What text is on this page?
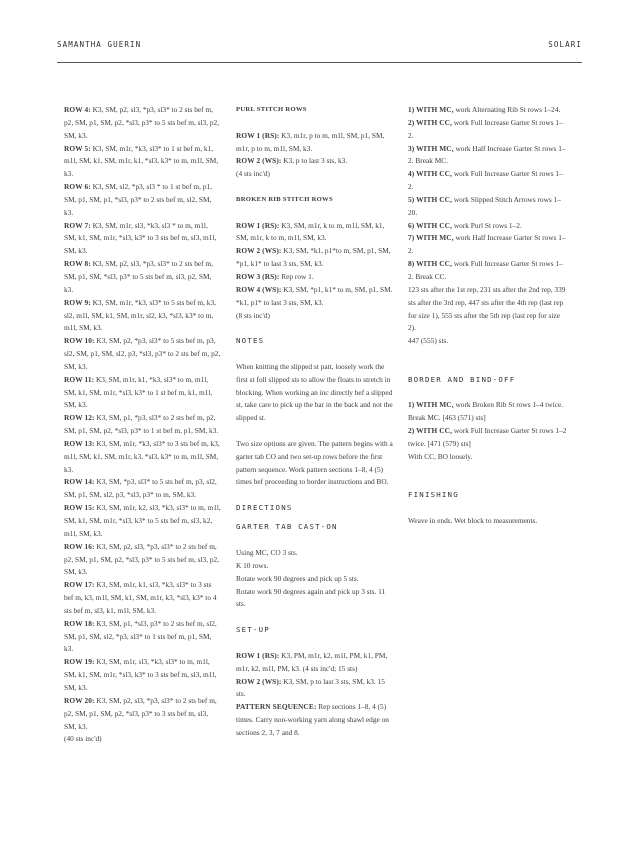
SAMANTHA GUERIN	SOLARI

ROW 4: K3, SM, p2, sl3, *p3, sl3* to 2 sts bef m, p2, SM, p1, SM, p2, *sl3, p3* to 5 sts bef m, sl3, p2, SM, k3.

ROW 5: K3, SM, m1r, *k3, sl3* to 1 st bef m, k1, m1l, SM, k1, SM, m1r, k1, *sl3, k3* to m, m1l, SM, k3.

ROW 6: K3, SM, sl2, *p3, sl3 * to 1 st bef m, p1, SM, p1, SM, p1, *sl3, p3* to 2 sts bef m, sl2, SM, k3.

ROW 7: K3, SM, m1r, sl3, *k3, sl3 * to m, m1l, SM, k1, SM, m1r, *sl3, k3* to 3 sts bef m, sl3, m1l, SM, k3.

ROW 8: K3, SM, p2, sl3, *p3, sl3* to 2 sts bef m, SM, p1, SM, *sl3, p3* to 5 sts bef m, sl3, p2, SM, k3.

ROW 9: K3, SM, m1r, *k3, sl3* to 5 sts bef m, k3, sl2, m1l, SM, k1, SM, m1r, sl2, k3, *sl3, k3* to m, m1l, SM, k3.

ROW 10: K3, SM, p2, *p3, sl3* to 5 sts bef m, p3, sl2, SM, p1, SM, sl2, p3, *sl3, p3* to 2 sts bef m, p2, SM, k3.

ROW 11: K3, SM, m1r, k1, *k3, sl3* to m, m1l, SM, k1, SM, m1r, *sl3, k3* to 1 st bef m, k1, m1l, SM, k3.

ROW 12: K3, SM, p1, *p3, sl3* to 2 sts bef m, p2, SM, p1, SM, p2, *sl3, p3* to 1 st bef m, p1, SM, k3.

ROW 13: K3, SM, m1r, *k3, sl3* to 3 sts bef m, k3, m1l, SM, k1, SM, m1r, k3, *sl3, k3* to m, m1l, SM, k3.

ROW 14: K3, SM, *p3, sl3* to 5 sts bef m, p3, sl2, SM, p1, SM, sl2, p3, *sl3, p3* to m, SM, k3.

ROW 15: K3, SM, m1r, k2, sl3, *k3, sl3* to m, m1l, SM, k1, SM, m1r, *sl3, k3* to 5 sts bef m, sl3, k2, m1l, SM, k3.

ROW 16: K3, SM, p2, sl3, *p3, sl3* to 2 sts bef m, p2, SM, p1, SM, p2, *sl3, p3* to 5 sts bef m, sl3, p2, SM, k3.

ROW 17: K3, SM, m1r, k1, sl3, *k3, sl3* to 3 sts bef m, k3, m1l, SM, k1, SM, m1r, k3, *sl3, k3* to 4 sts bef m, sl3, k1, m1l, SM, k3.

ROW 18: K3, SM, p1, *sl3, p3* to 2 sts bef m, sl2, SM, p1, SM, sl2, *p3, sl3* to 1 sts bef m, p1, SM, k3.

ROW 19: K3, SM, m1r, sl3, *k3, sl3* to m, m1l, SM, k1, SM, m1r, *sl3, k3* to 3 sts bef m, sl3, m1l, SM, k3.

ROW 20: K3, SM, p2, sl3, *p3, sl3* to 2 sts bef m, p2, SM, p1, SM, p2, *sl3, p3* to 3 sts bef m, sl3, SM, k3.

(40 sts inc'd)

PURL STITCH ROWS

ROW 1 (RS): K3, m1r, p to m, m1l, SM, p1, SM, m1r, p to m, m1l, SM, k3.

ROW 2 (WS): K3, p to last 3 sts, k3.

(4 sts inc'd)

BROKEN RIB STITCH ROWS

ROW 1 (RS): K3, SM, m1r, k to m, m1l, SM, k1, SM, m1r, k to m, m1l, SM, k3.

ROW 2 (WS): K3, SM, *k1, p1*to m, SM, p1, SM, *p1, k1* to last 3 sts, SM, k3.

ROW 3 (RS): Rep row 1.

ROW 4 (WS): K3, SM, *p1, k1* to m, SM, p1, SM. *k1, p1* to last 3 sts, SM, k3.

(8 sts inc'd)

NOTES

When knitting the slipped st patt, loosely work the first st foll slipped sts to allow the floats to stretch in blocking. When working an inc directly bef a slipped st, take care to pick up the bar in the back and not the slipped st.

Two size options are given. The pattern begins with a garter tab CO and two set-up rows before the first pattern sequence. Work pattern sections 1–8, 4 (5) times bef proceeding to border instructions and BO.

DIRECTIONS

GARTER TAB CAST-ON

Using MC, CO 3 sts.
K 10 rows.
Rotate work 90 degrees and pick up 5 sts.
Rotate work 90 degrees again and pick up 3 sts. 11 sts.

SET-UP

ROW 1 (RS): K3, PM, m1r, k2, m1l, PM, k1, PM, m1r, k2, m1l, PM, k3. (4 sts inc'd; 15 sts)

ROW 2 (WS): K3, SM, p to last 3 sts, SM, k3. 15 sts.

PATTERN SEQUENCE: Rep sections 1–8, 4 (5) times. Carry non-working yarn along shawl edge on sections 2, 3, 7 and 8.

1) WITH MC, work Alternating Rib St rows 1–24.

2) WITH CC, work Full Increase Garter St rows 1–2.

3) WITH MC, work Half Increase Garter St rows 1–2. Break MC.

4) WITH CC, work Full Increase Garter St rows 1–2.

5) WITH CC, work Slipped Stitch Arrows rows 1–20.

6) WITH CC, work Purl St rows 1–2.

7) WITH MC, work Half Increase Garter St rows 1–2.

8) WITH CC, work Full Increase Garter St rows 1–2. Break CC.

123 sts after the 1st rep, 231 sts after the 2nd rep, 339 sts after the 3rd rep, 447 sts after the 4th rep (last rep for size 1), 555 sts after the 5th rep (last rep for size 2).
447 (555) sts.

BORDER AND BIND-OFF

1) WITH MC, work Broken Rib St rows 1–4 twice. Break MC. [463 (571) sts]

2) WITH CC, work Full Increase Garter St rows 1–2 twice. [471 (579) sts]

With CC, BO loosely.

FINISHING

Weave in ends. Wet block to measurements.
